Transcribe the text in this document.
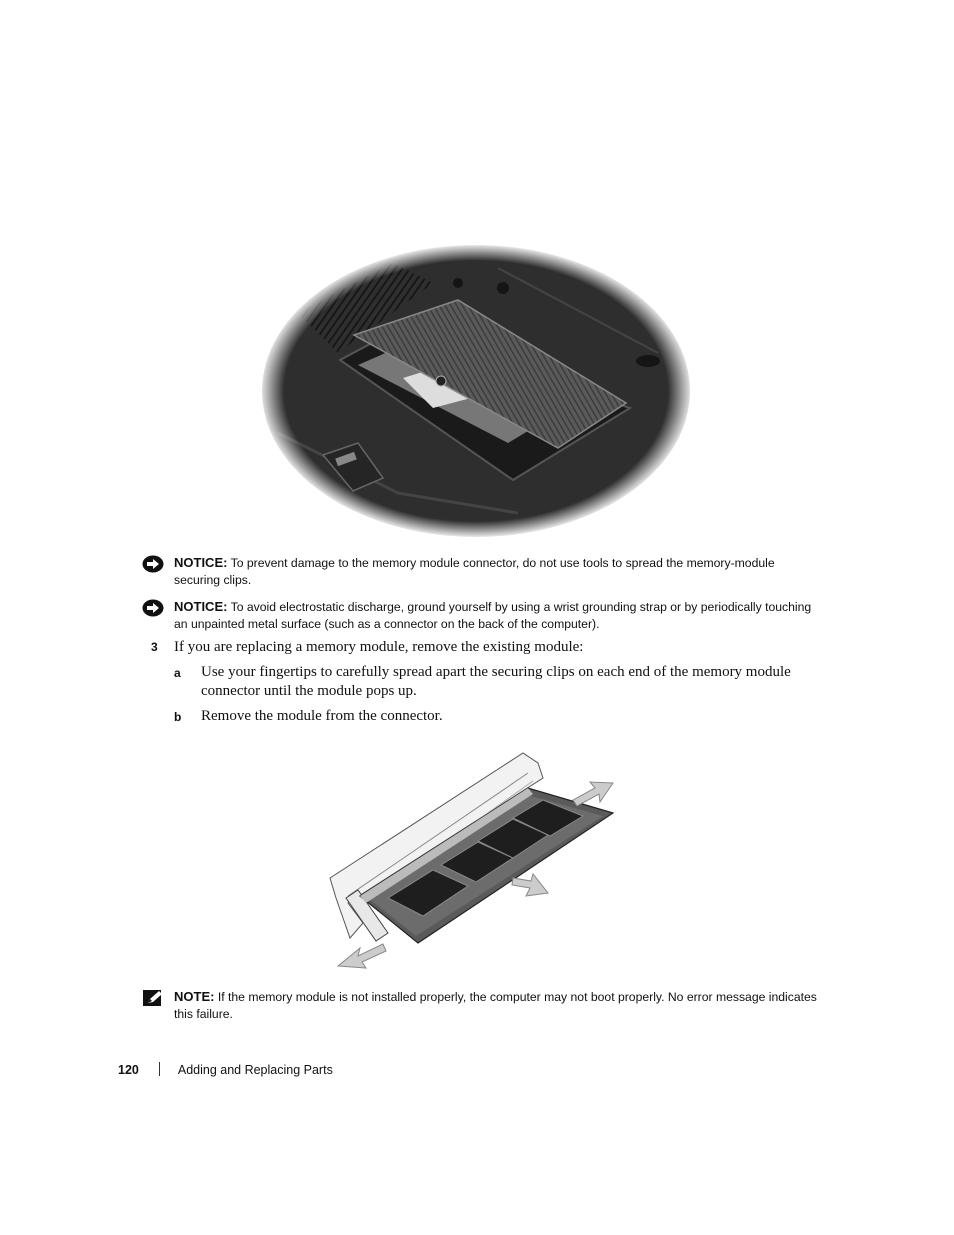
NOTICE: To prevent damage to the memory module connector, do not use tools to spread the memory-module securing clips.
NOTICE: To avoid electrostatic discharge, ground yourself by using a wrist grounding strap or by periodically touching an unpainted metal surface (such as a connector on the back of the computer).
3 If you are replacing a memory module, remove the existing module:
a Use your fingertips to carefully spread apart the securing clips on each end of the memory module connector until the module pops up.
b Remove the module from the connector.
NOTE: If the memory module is not installed properly, the computer may not boot properly. No error message indicates this failure.
120	Adding and Replacing Parts
